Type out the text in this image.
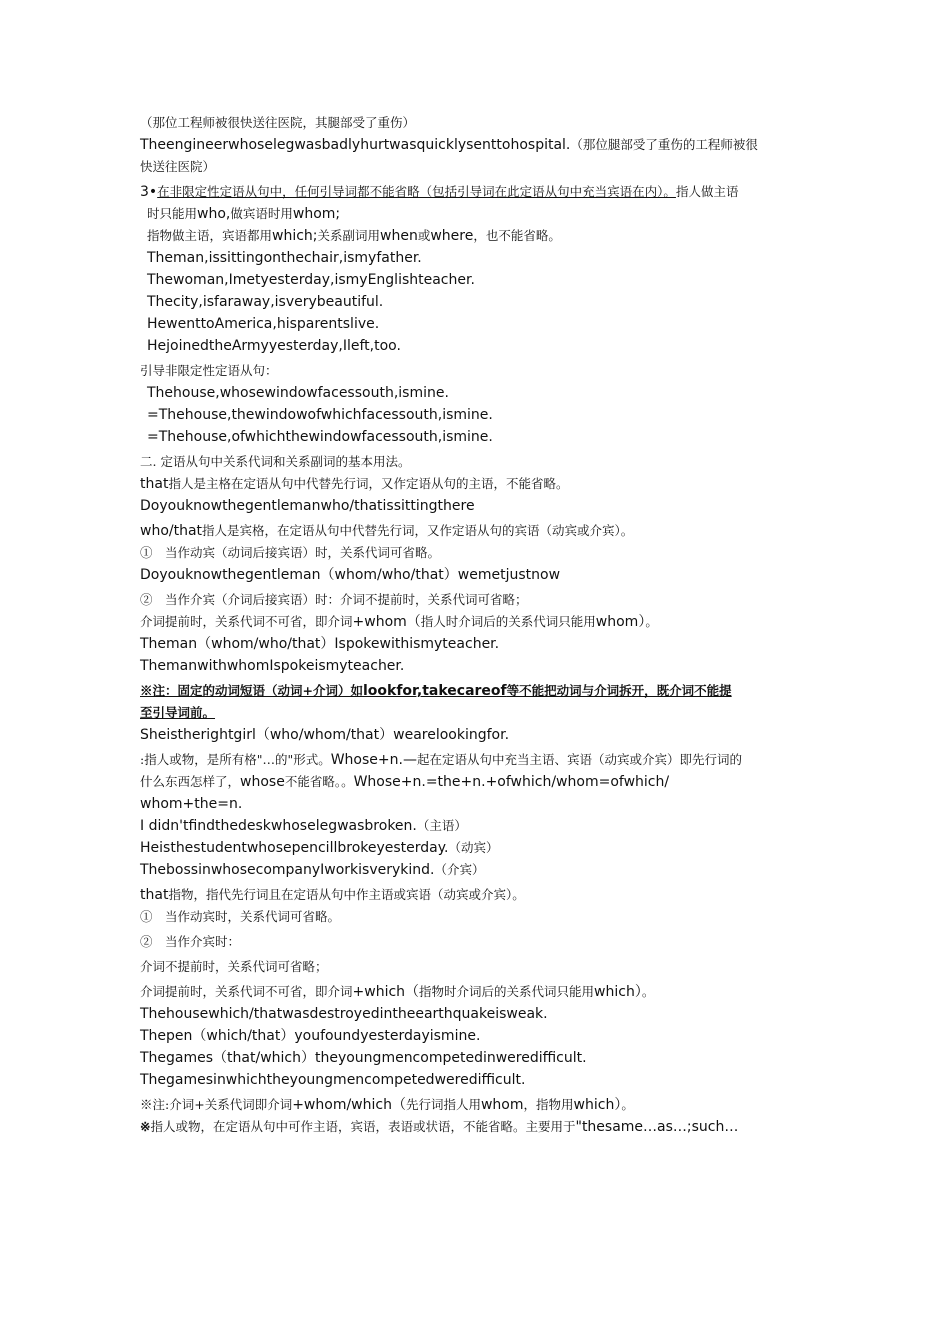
（那位工程师被很快送往医院，其腿部受了重伤）
Theengineerwhoselegwasbadlyhurtwasquicklysenttohospital.（那位腿部受了重伤的工程师被很
快送往医院）
3•在非限定性定语从句中，任何引导词都不能省略（包括引导词在此定语从句中充当宾语在内）。指人做主语
时只能用who,做宾语时用whom;
指物做主语，宾语都用which;关系副词用when或where，也不能省略。
Theman,issittingonthechair,ismyfather.
Thewoman,Imetyesterday,ismyEnglishteacher.
Thecity,isfaraway,isverybeautiful.
HewenttoAmerica,hisparentslive.
HejoinedtheArmyyesterday,Ileft,too.
引导非限定性定语从句：
Thehouse,whosewindowfacessouth,ismine.
=Thehouse,thewindowofwhichfacessouth,ismine.
=Thehouse,ofwhichthewindowfacessouth,ismine.
二. 定语从句中关系代词和关系副词的基本用法。
that指人是主格在定语从句中代替先行词，又作定语从句的主语，不能省略。
Doyouknowthegentlemanwho/thatissittingthere
who/that指人是宾格，在定语从句中代替先行词，又作定语从句的宾语（动宾或介宾）。
①　当作动宾（动词后接宾语）时，关系代词可省略。
Doyouknowthegentleman（whom/who/that）wemetjustnow
②　当作介宾（介词后接宾语）时：介词不提前时，关系代词可省略；
介词提前时，关系代词不可省，即介词+whom（指人时介词后的关系代词只能用whom）。
Theman（whom/who/that）Ispokewithismyteacher.
ThemanwithwhomIspokeismyteacher.
※注：固定的动词短语（动词+介词）如lookfor,takecareof等不能把动词与介词拆开，既介词不能提
至引导词前。
Sheistherightgirl（who/whom/that）wearelookingfor.
:指人或物，是所有格"…的"形式。Whose+n.—起在定语从句中充当主语、宾语（动宾或介宾）即先行词的
什么东西怎样了，whose不能省略。。Whose+n.=the+n.+ofwhich/whom=ofwhich/
whom+the=n.
I didn'tfindthedeskwhoselegwasbroken.（主语）
Heisthestudentwhosepencillbrokeyesterday.（动宾）
ThebossinwhosecompanyIworkisverykind.（介宾）
that指物，指代先行词且在定语从句中作主语或宾语（动宾或介宾）。
①　当作动宾时，关系代词可省略。
②　当作介宾时：
介词不提前时，关系代词可省略；
介词提前时，关系代词不可省，即介词+which（指物时介词后的关系代词只能用which）。
Thehousewhich/thatwasdestroyedintheearthquakeisweak.
Thepen（which/that）youfoundyesterdayismine.
Thegames（that/which）theyoungmencompetedinweredifficult.
Thegamesinwhichtheyoungmencompetedweredifficult.
※注:介词+关系代词即介词+whom/which（先行词指人用whom，指物用which）。
※指人或物，在定语从句中可作主语，宾语，表语或状语，不能省略。主要用于"thesame…as…;such…
